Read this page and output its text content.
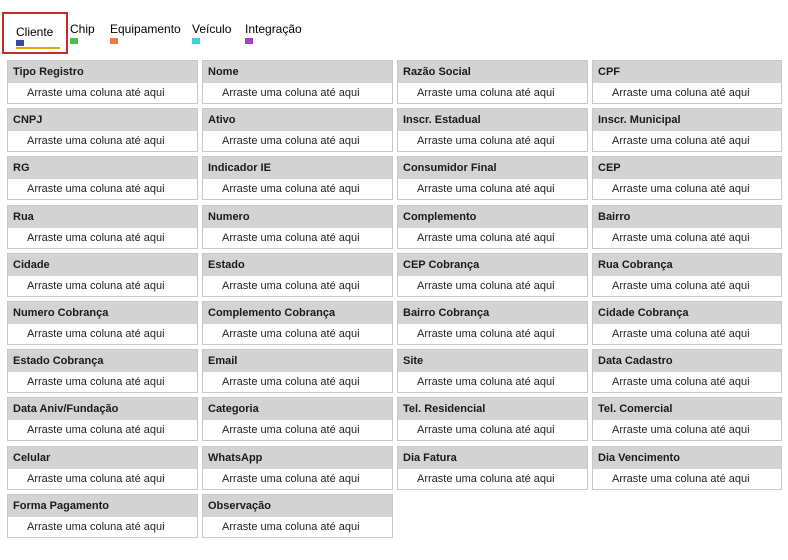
Cliente Chip Equipamento Veículo Integração
Tipo Registro
Arraste uma coluna até aqui
Nome
Arraste uma coluna até aqui
Razão Social
Arraste uma coluna até aqui
CPF
Arraste uma coluna até aqui
CNPJ
Arraste uma coluna até aqui
Ativo
Arraste uma coluna até aqui
Inscr. Estadual
Arraste uma coluna até aqui
Inscr. Municipal
Arraste uma coluna até aqui
RG
Arraste uma coluna até aqui
Indicador IE
Arraste uma coluna até aqui
Consumidor Final
Arraste uma coluna até aqui
CEP
Arraste uma coluna até aqui
Rua
Arraste uma coluna até aqui
Numero
Arraste uma coluna até aqui
Complemento
Arraste uma coluna até aqui
Bairro
Arraste uma coluna até aqui
Cidade
Arraste uma coluna até aqui
Estado
Arraste uma coluna até aqui
CEP Cobrança
Arraste uma coluna até aqui
Rua Cobrança
Arraste uma coluna até aqui
Numero Cobrança
Arraste uma coluna até aqui
Complemento Cobrança
Arraste uma coluna até aqui
Bairro Cobrança
Arraste uma coluna até aqui
Cidade Cobrança
Arraste uma coluna até aqui
Estado Cobrança
Arraste uma coluna até aqui
Email
Arraste uma coluna até aqui
Site
Arraste uma coluna até aqui
Data Cadastro
Arraste uma coluna até aqui
Data Aniv/Fundação
Arraste uma coluna até aqui
Categoria
Arraste uma coluna até aqui
Tel. Residencial
Arraste uma coluna até aqui
Tel. Comercial
Arraste uma coluna até aqui
Celular
Arraste uma coluna até aqui
WhatsApp
Arraste uma coluna até aqui
Dia Fatura
Arraste uma coluna até aqui
Dia Vencimento
Arraste uma coluna até aqui
Forma Pagamento
Arraste uma coluna até aqui
Observação
Arraste uma coluna até aqui
